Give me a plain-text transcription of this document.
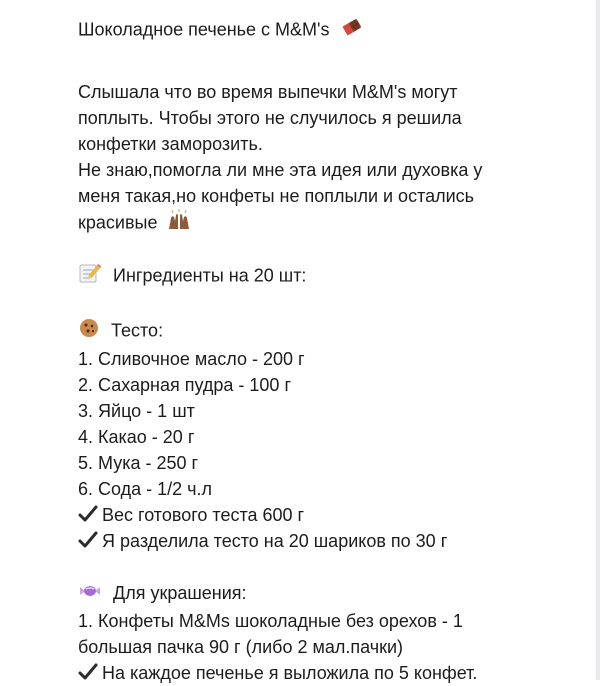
Шоколадное печенье с M&M's
Слышала что во время выпечки M&M's могут
поплыть. Чтобы этого не случилось я решила
конфетки заморозить.
Не знаю,помогла ли мне эта идея или духовка у
меня такая,но конфеты не поплыли и остались
красивые
Ингредиенты на 20 шт:
Тесто:
1. Сливочное масло - 200 г
2. Сахарная пудра - 100 г
3. Яйцо - 1 шт
4. Какао - 20 г
5. Мука - 250 г
6. Сода - 1/2 ч.л
Вес готового теста 600 г
Я разделила тесто на 20 шариков по 30 г
Для украшения:
1. Конфеты M&Ms шоколадные без орехов - 1
большая пачка 90 г (либо 2 мал.пачки)
На каждое печенье я выложила по 5 конфет.
